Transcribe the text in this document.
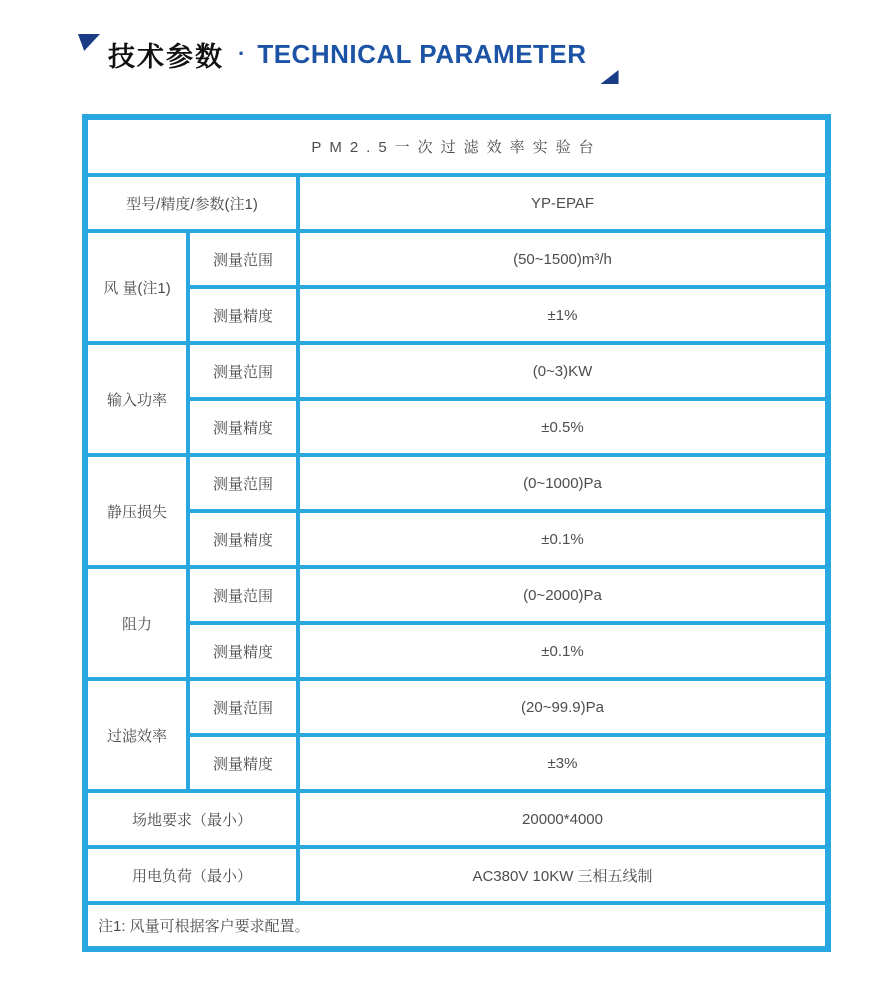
技术参数 · TECHNICAL PARAMETER
PM2.5一次过滤效率实验台		
型号/精度/参数(注1)		YP-EPAF
风 量(注1)	测量范围	(50~1500)m³/h
	测量精度	±1%
输入功率	测量范围	(0~3)KW
	测量精度	±0.5%
静压损失	测量范围	(0~1000)Pa
	测量精度	±0.1%
阻力	测量范围	(0~2000)Pa
	测量精度	±0.1%
过滤效率	测量范围	(20~99.9)Pa
	测量精度	±3%
场地要求（最小）		20000*4000
用电负荷（最小）		AC380V 10KW 三相五线制
注1: 风量可根据客户要求配置。		
